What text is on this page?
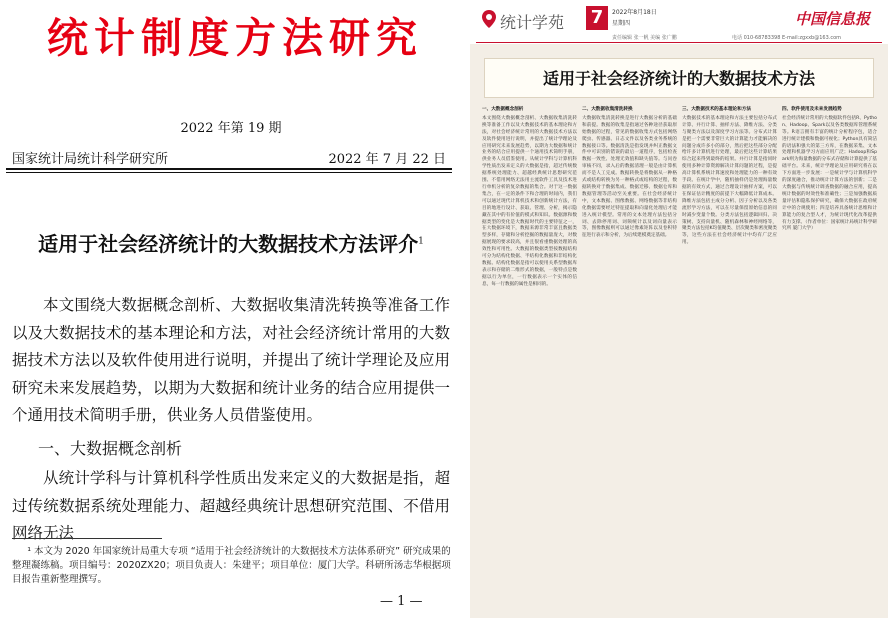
统计制度方法研究
2022 年第 19 期
国家统计局统计科学研究所	2022 年 7 月 22 日
适用于社会经济统计的大数据技术方法评介$^1$

本文围绕大数据概念剖析、大数据收集清洗转换等准备工作以及大数据技术的基本理论和方法，对社会经济统计常用的大数据技术方法以及软件使用进行说明，并提出了统计学理论及应用研究未来发展趋势，以期为大数据和统计业务的结合应用提供一个通用技术简明手册，供业务人员借鉴使用。

一、大数据概念剖析

从统计学科与计算机科学性质出发来定义的大数据是指，超过传统数据系统处理能力、超越经典统计思想研究范围、不借用网络无法

¹ 本文为 2020 年国家统计局重大专项 “适用于社会经济统计的大数据技术方法体系研究” 研究成果的整理凝练稿。项目编号：2020ZX20；项目负责人：朱建平；项目单位：厦门大学。科研所汤志华根据项目报告重新整理撰写。

— 1 —
统计学苑 7	2022年8月18日
星期四	中国信息报
责任编辑 张一帆 美编 张广鹏	电话 010-68783398 E-mail:zgxxb@163.com
适用于社会经济统计的大数据技术方法
一、大数据概念剖析
本文围绕大数据概念剖析、大数据收集清洗转换等准备工作以及大数据技术的基本理论和方法，对社会经济统计常用的大数据技术方法以及软件使用进行说明，并提出了统计学理论及应用研究未来发展趋势，以期为大数据和统计业务的结合应用提供一个通用技术简明手册，供业务人员借鉴使用。从统计学科与计算机科学性质出发来定义的大数据是指，超过传统数据系统处理能力、超越经典统计思想研究范围、不借用网络无法用主流软件工具及技术进行单机分析的复杂数据的集合。对于这一数据集合，在一定的条件下和合理的时间内，我们可以通过现代计算机技术和创新统计方法，有目的地进行设计、获取、管理、分析，揭示隐藏在其中的有价值的模式和知识。数据源和数据类型的变化是大数据时代的主要特征之一，在大数据环境下，数据来源非常丰富且数据类型多样，存储和分析挖掘的数据量庞大，对数据展现的要求较高，并且很看重数据处理的高效性和可用性。大数据的数据类型按数据结构可分为结构化数据、半结构化数据和非结构化数据。结构化数据是指可以使用关系型数据库表示和存储的二维形式的数据，一般特点是数据以行为单位，一行数据表示一个实体的信息，每一行数据的属性是相同的。
二、大数据收集清洗转换
大数据收集清洗转换是进行大数据分析的基础和前提。数据的收集是指通过各种途径获取原始数据的过程，常见的数据收集方式包括网络爬虫、传感器、日志文件以及各类业务系统的数据接口等。数据清洗是指发现并纠正数据文件中可识别的错误的最后一道程序，包括检查数据一致性、处理无效值和缺失值等。与问卷审核不同，录入后的数据清理一般是由计算机而不是人工完成。数据转换是将数据从一种格式或结构转换为另一种格式或结构的过程，数据转换对于数据集成、数据迁移、数据仓库和数据管理等活动至关重要。在社会经济统计中，文本数据、图像数据、网络数据等非结构化数据需要经过特征提取和向量化处理后才能进入统计模型。常用的文本处理方法包括分词、去除停用词、词频统计以及词向量表示等，图像数据则可以通过像素矩阵以及卷积特征进行表示和分析，为后续建模奠定基础。
三、大数据技术的基本理论和方法
大数据技术的基本理论和方法主要包括分布式计算、并行计算、抽样方法、降维方法、分类与聚类方法以及深度学习方法等。分布式计算是把一个需要非常巨大的计算能力才能解决的问题分成许多小的部分，然后把这些部分分配给许多计算机进行处理，最后把这些计算结果综合起来得到最终的结果。并行计算是指同时使用多种计算资源解决计算问题的过程，是提高计算机系统计算速度和处理能力的一种有效手段。在统计学中，随机抽样仍是处理海量数据的有效方式，通过合理设计抽样方案，可以在保证估计精度的前提下大幅降低计算成本。降维方法包括主成分分析、因子分析以及各类流形学习方法，可以在尽量保留原始信息的同时减少变量个数。分类方法包括逻辑回归、决策树、支持向量机、随机森林和神经网络等，聚类方法包括K均值聚类、层次聚类和密度聚类等，这些方法在社会经济统计中均有广泛应用。
四、软件使用及未来发展趋势
社会经济统计常用的大数据软件包括R、Python、Hadoop、Spark以及各类数据库管理系统等。R语言拥有丰富的统计分析程序包，适合进行统计建模和数据可视化；Python具有简洁的语法和强大的第三方库，在数据采集、文本处理和机器学习方面应用广泛；Hadoop和Spark则为海量数据的分布式存储和计算提供了基础平台。未来，统计学理论及应用研究将在以下方面进一步发展：一是统计学与计算机科学的深度融合，推动统计计算方法的创新；二是大数据与传统统计调查数据的融合应用，提高统计数据的时效性和准确性；三是加强数据质量评估和隐私保护研究，确保大数据在政府统计中的合规使用；四是培养具备统计思维和计算能力的复合型人才，为统计现代化改革提供有力支撑。（作者单位：国家统计局统计科学研究所 厦门大学）
